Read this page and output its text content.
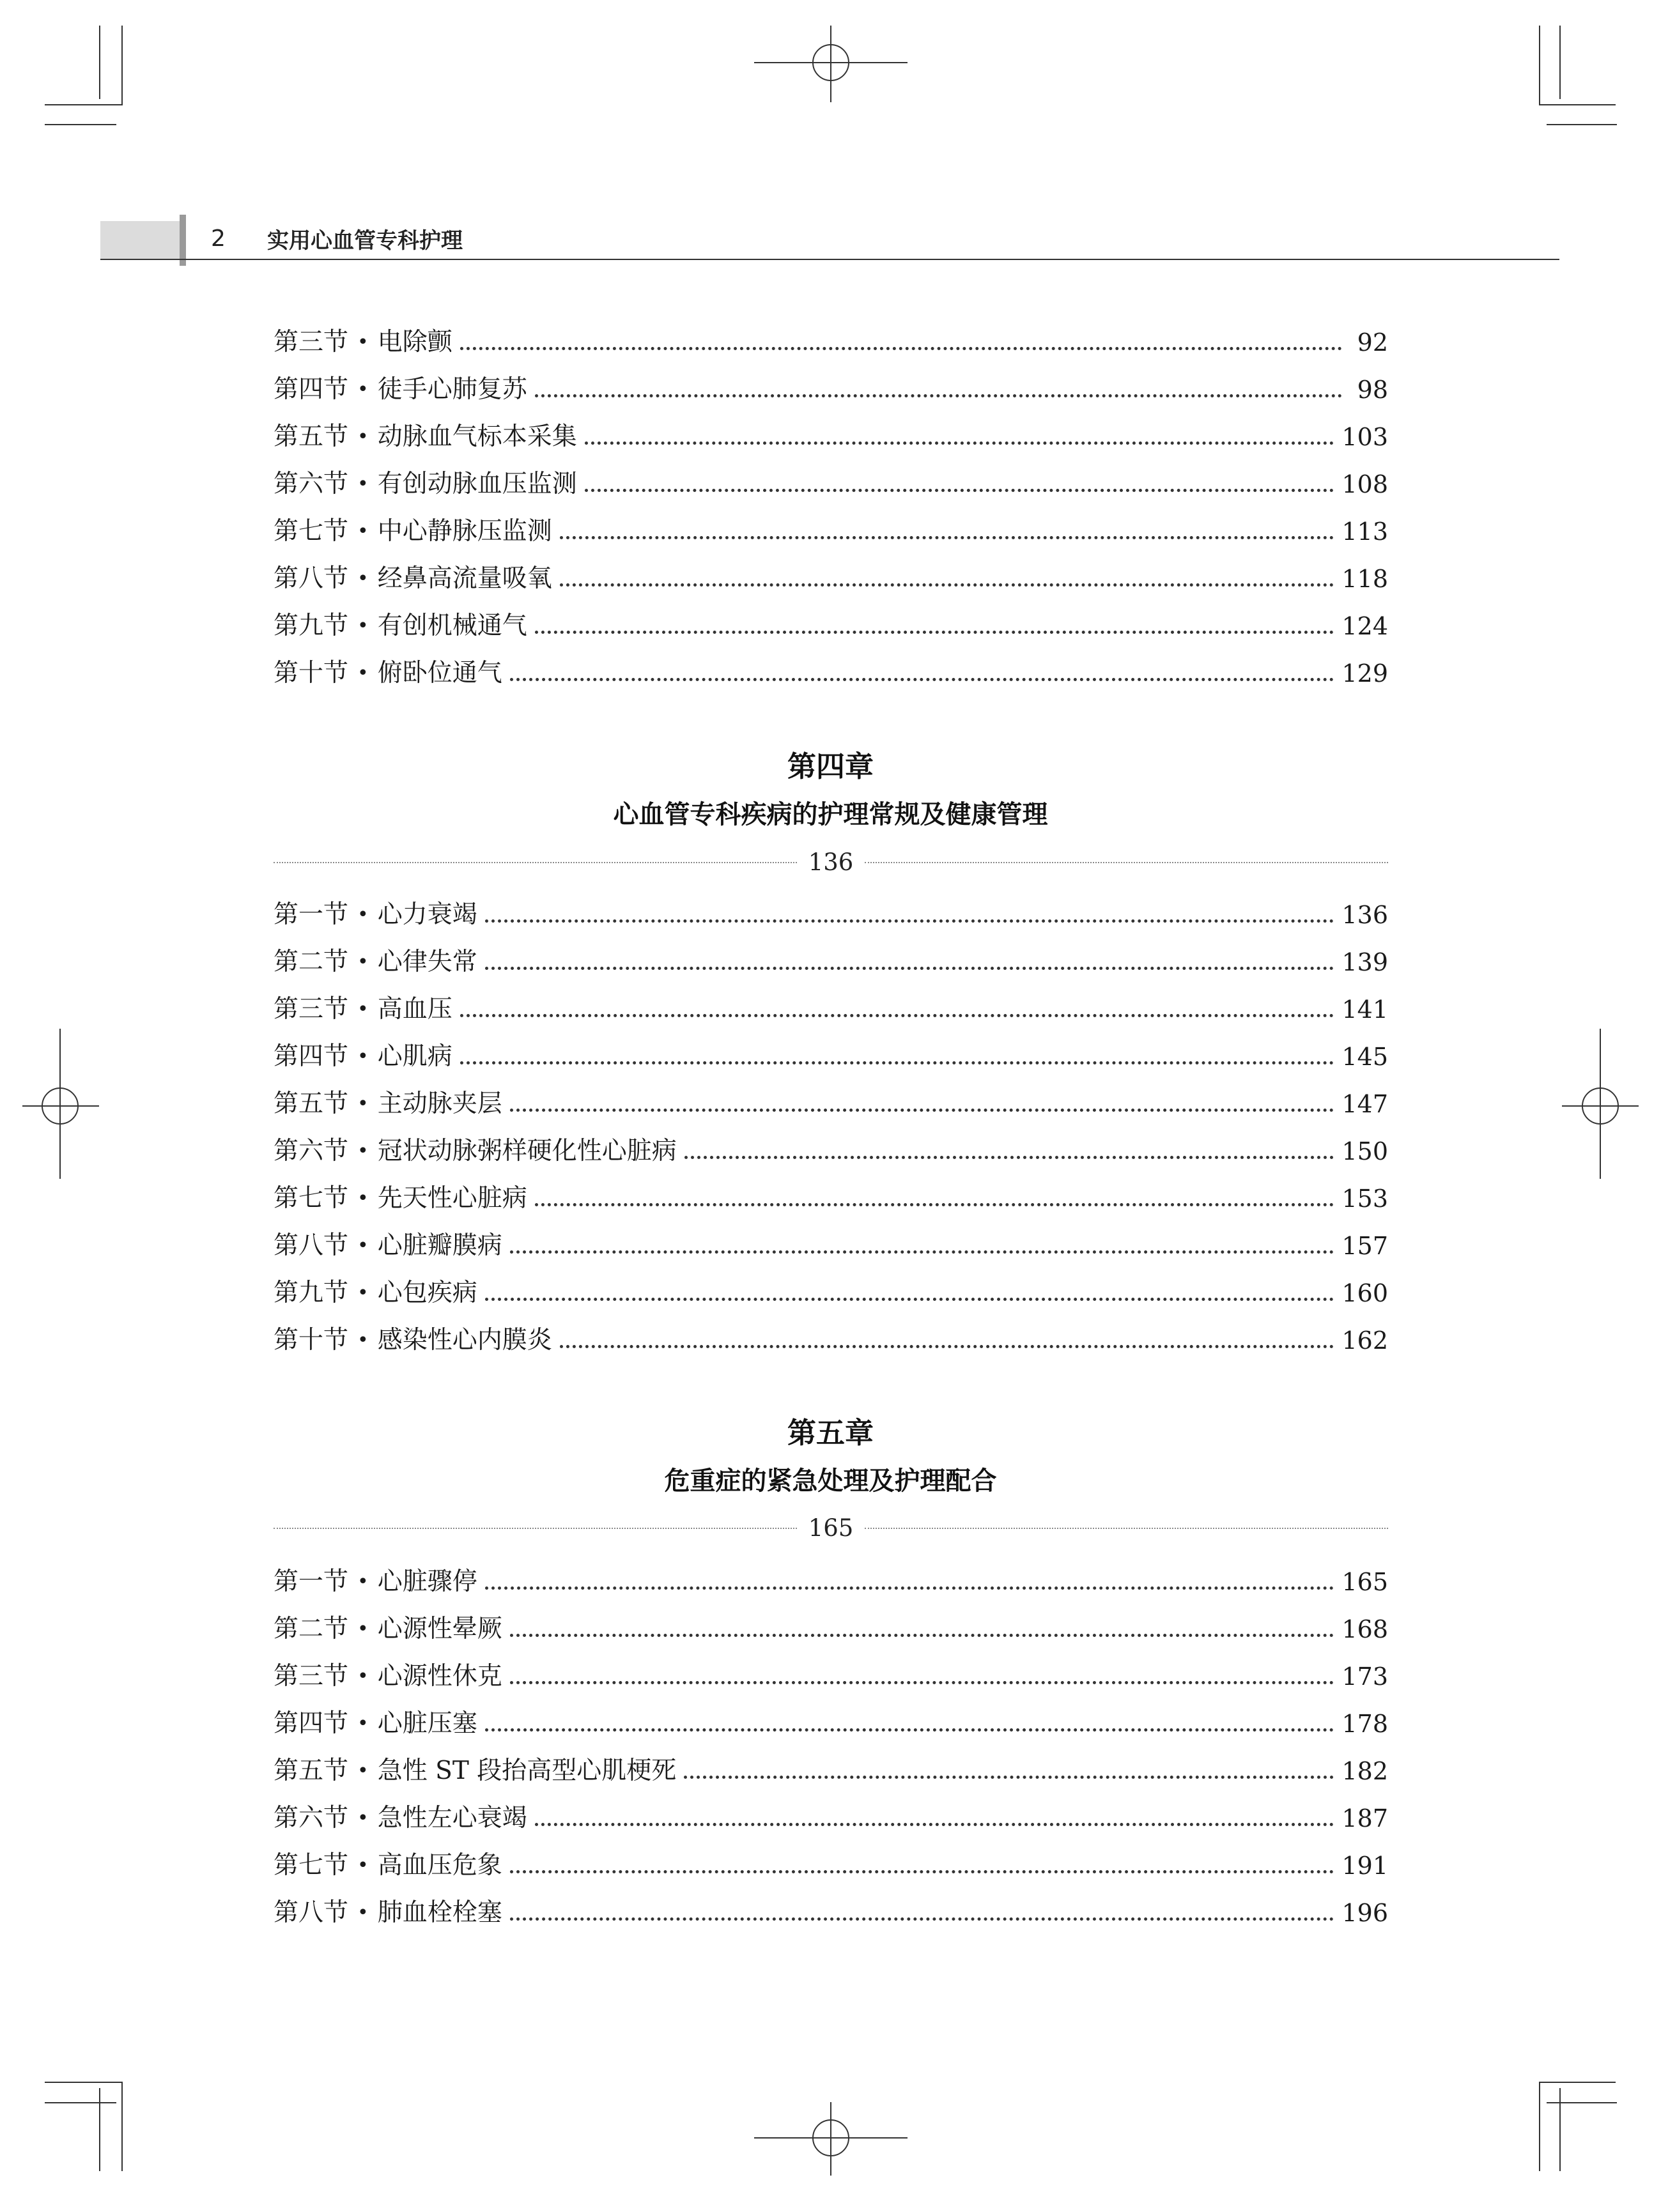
2 实用心血管专科护理
第三节 • 电除颤	92
第四节 • 徒手心肺复苏	98
第五节 • 动脉血气标本采集	103
第六节 • 有创动脉血压监测	108
第七节 • 中心静脉压监测	113
第八节 • 经鼻高流量吸氧	118
第九节 • 有创机械通气	124
第十节 • 俯卧位通气	129
第四章
心血管专科疾病的护理常规及健康管理
136
第一节 • 心力衰竭	136
第二节 • 心律失常	139
第三节 • 高血压	141
第四节 • 心肌病	145
第五节 • 主动脉夹层	147
第六节 • 冠状动脉粥样硬化性心脏病	150
第七节 • 先天性心脏病	153
第八节 • 心脏瓣膜病	157
第九节 • 心包疾病	160
第十节 • 感染性心内膜炎	162
第五章
危重症的紧急处理及护理配合
165
第一节 • 心脏骤停	165
第二节 • 心源性晕厥	168
第三节 • 心源性休克	173
第四节 • 心脏压塞	178
第五节 • 急性 ST 段抬高型心肌梗死	182
第六节 • 急性左心衰竭	187
第七节 • 高血压危象	191
第八节 • 肺血栓栓塞	196
